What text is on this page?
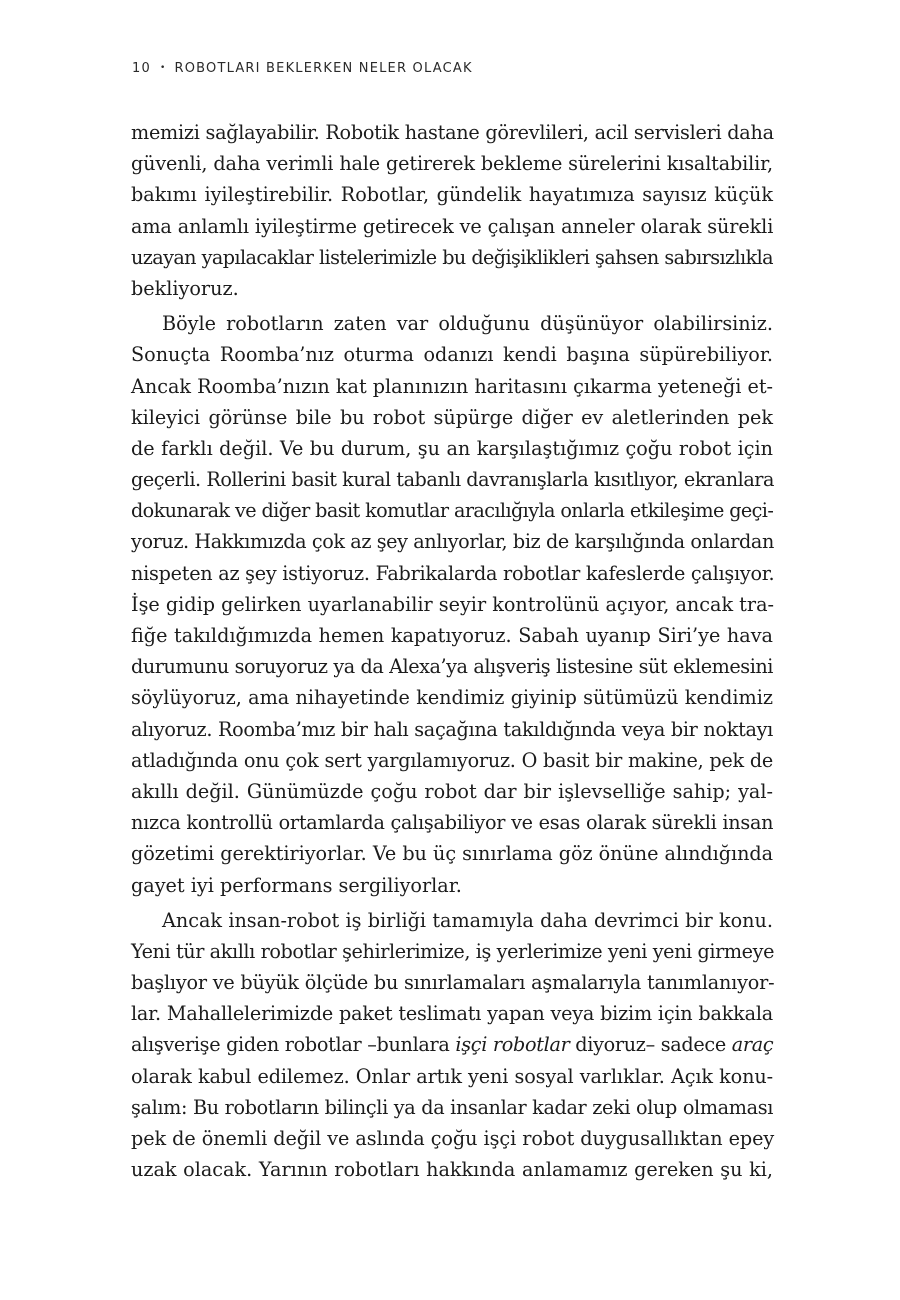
10 • ROBOTLARI BEKLERKEN NELER OLACAK
memizi sağlayabilir. Robotik hastane görevlileri, acil servisleri daha
güvenli, daha verimli hale getirerek bekleme sürelerini kısaltabilir,
bakımı iyileştirebilir. Robotlar, gündelik hayatımıza sayısız küçük
ama anlamlı iyileştirme getirecek ve çalışan anneler olarak sürekli
uzayan yapılacaklar listelerimizle bu değişiklikleri şahsen sabırsızlıkla
bekliyoruz.
Böyle robotların zaten var olduğunu düşünüyor olabilirsiniz.
Sonuçta Roomba’nız oturma odanızı kendi başına süpürebiliyor.
Ancak Roomba’nızın kat planınızın haritasını çıkarma yeteneği et-
kileyici görünse bile bu robot süpürge diğer ev aletlerinden pek
de farklı değil. Ve bu durum, şu an karşılaştığımız çoğu robot için
geçerli. Rollerini basit kural tabanlı davranışlarla kısıtlıyor, ekranlara
dokunarak ve diğer basit komutlar aracılığıyla onlarla etkileşime geçi-
yoruz. Hakkımızda çok az şey anlıyorlar, biz de karşılığında onlardan
nispeten az şey istiyoruz. Fabrikalarda robotlar kafeslerde çalışıyor.
İşe gidip gelirken uyarlanabilir seyir kontrolünü açıyor, ancak tra-
fiğe takıldığımızda hemen kapatıyoruz. Sabah uyanıp Siri’ye hava
durumunu soruyoruz ya da Alexa’ya alışveriş listesine süt eklemesini
söylüyoruz, ama nihayetinde kendimiz giyinip sütümüzü kendimiz
alıyoruz. Roomba’mız bir halı saçağına takıldığında veya bir noktayı
atladığında onu çok sert yargılamıyoruz. O basit bir makine, pek de
akıllı değil. Günümüzde çoğu robot dar bir işlevselliğe sahip; yal-
nızca kontrollü ortamlarda çalışabiliyor ve esas olarak sürekli insan
gözetimi gerektiriyorlar. Ve bu üç sınırlama göz önüne alındığında
gayet iyi performans sergiliyorlar.
Ancak insan-robot iş birliği tamamıyla daha devrimci bir konu.
Yeni tür akıllı robotlar şehirlerimize, iş yerlerimize yeni yeni girmeye
başlıyor ve büyük ölçüde bu sınırlamaları aşmalarıyla tanımlanıyor-
lar. Mahallelerimizde paket teslimatı yapan veya bizim için bakkala
alışverişe giden robotlar –bunlara işçi robotlar diyoruz– sadece araç
olarak kabul edilemez. Onlar artık yeni sosyal varlıklar. Açık konu-
şalım: Bu robotların bilinçli ya da insanlar kadar zeki olup olmaması
pek de önemli değil ve aslında çoğu işçi robot duygusallıktan epey
uzak olacak. Yarının robotları hakkında anlamamız gereken şu ki,
